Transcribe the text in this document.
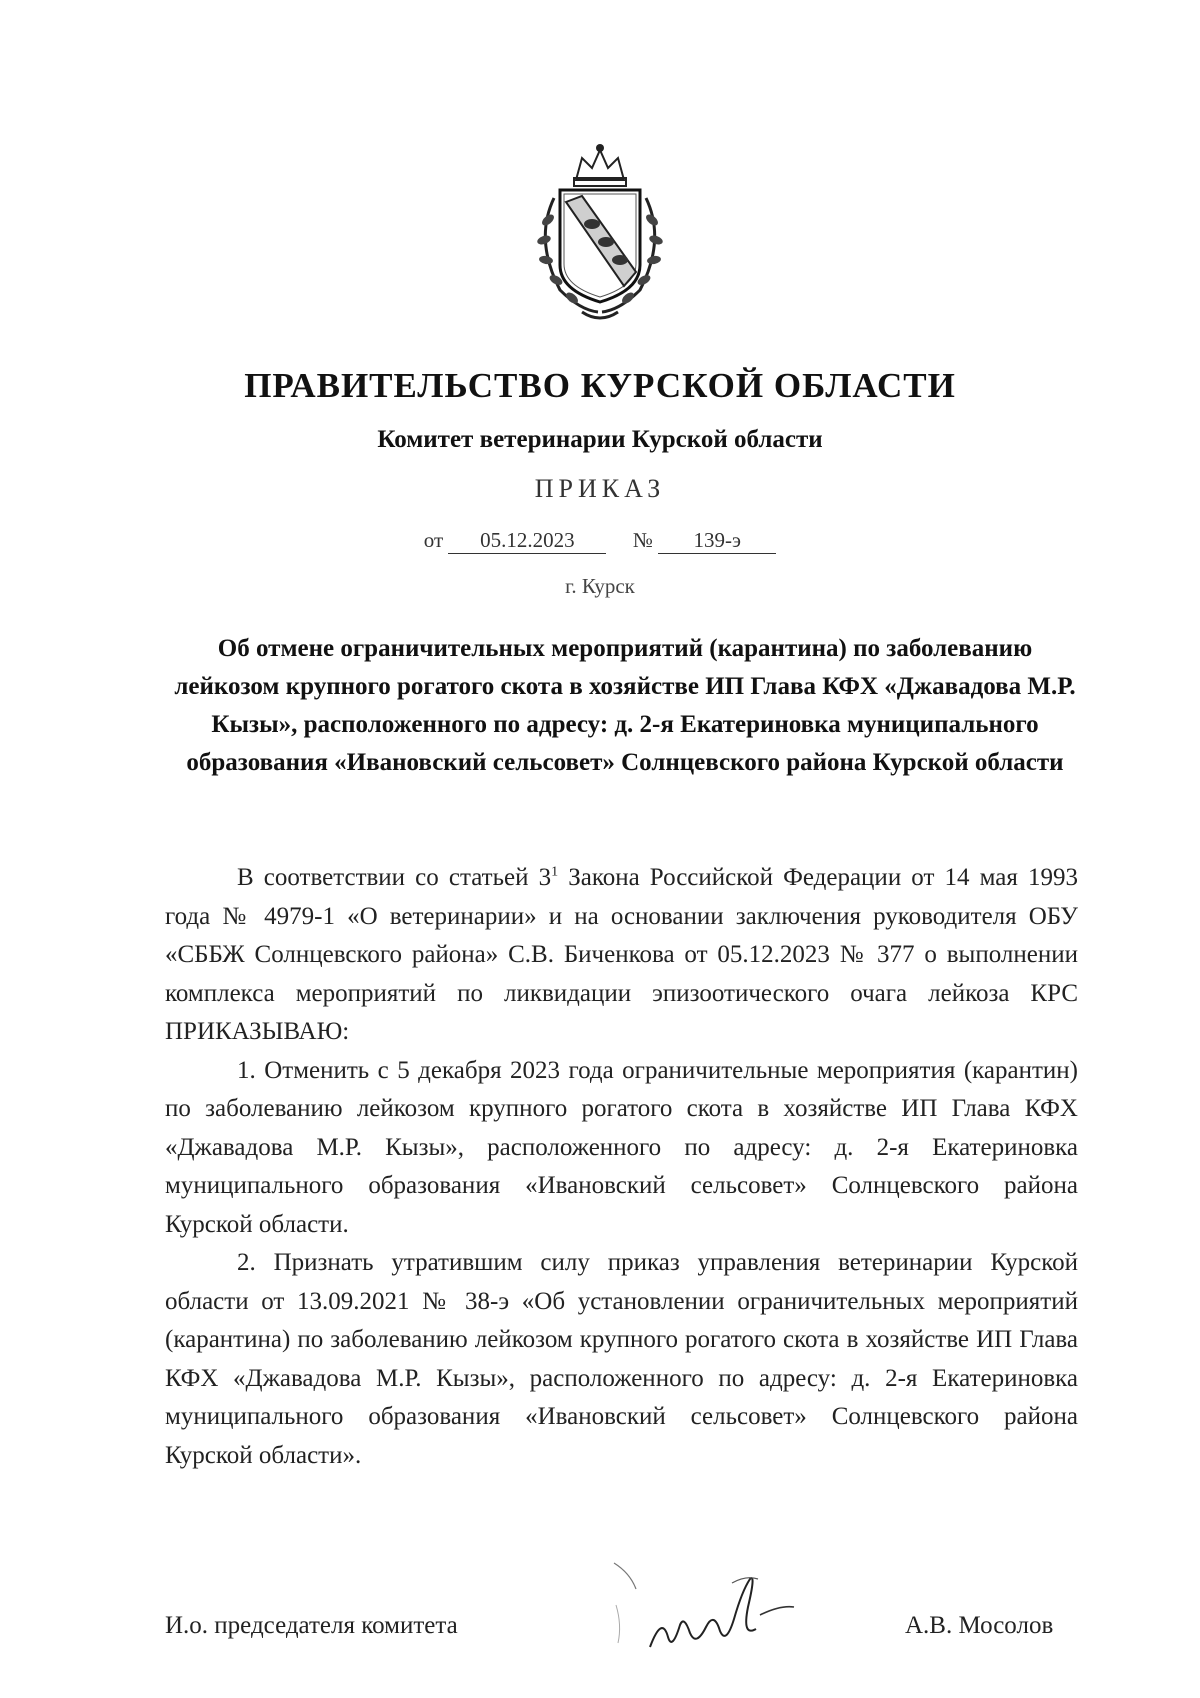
ПРАВИТЕЛЬСТВО КУРСКОЙ ОБЛАСТИ
Комитет ветеринарии Курской области
ПРИКАЗ
от 05.12.2023	№ 139-э
г. Курск
Об отмене ограничительных мероприятий (карантина) по заболеванию лейкозом крупного рогатого скота в хозяйстве ИП Глава КФХ «Джавадова М.Р. Кызы», расположенного по адресу: д. 2-я Екатериновка муниципального образования «Ивановский сельсовет» Солнцевского района Курской области

В соответствии со статьей $3^1$ Закона Российской Федерации от 14 мая 1993 года № 4979-1 «О ветеринарии» и на основании заключения руководителя ОБУ «СББЖ Солнцевского района» С.В. Биченкова от 05.12.2023 № 377 о выполнении комплекса мероприятий по ликвидации эпизоотического очага лейкоза КРС ПРИКАЗЫВАЮ:

1. Отменить с 5 декабря 2023 года ограничительные мероприятия (карантин) по заболеванию лейкозом крупного рогатого скота в хозяйстве ИП Глава КФХ «Джавадова М.Р. Кызы», расположенного по адресу: д. 2-я Екатериновка муниципального образования «Ивановский сельсовет» Солнцевского района Курской области.

2. Признать утратившим силу приказ управления ветеринарии Курской области от 13.09.2021 № 38-э «Об установлении ограничительных мероприятий (карантина) по заболеванию лейкозом крупного рогатого скота в хозяйстве ИП Глава КФХ «Джавадова М.Р. Кызы», расположенного по адресу: д. 2-я Екатериновка муниципального образования «Ивановский сельсовет» Солнцевского района Курской области».

И.о. председателя комитета	А.В. Мосолов
